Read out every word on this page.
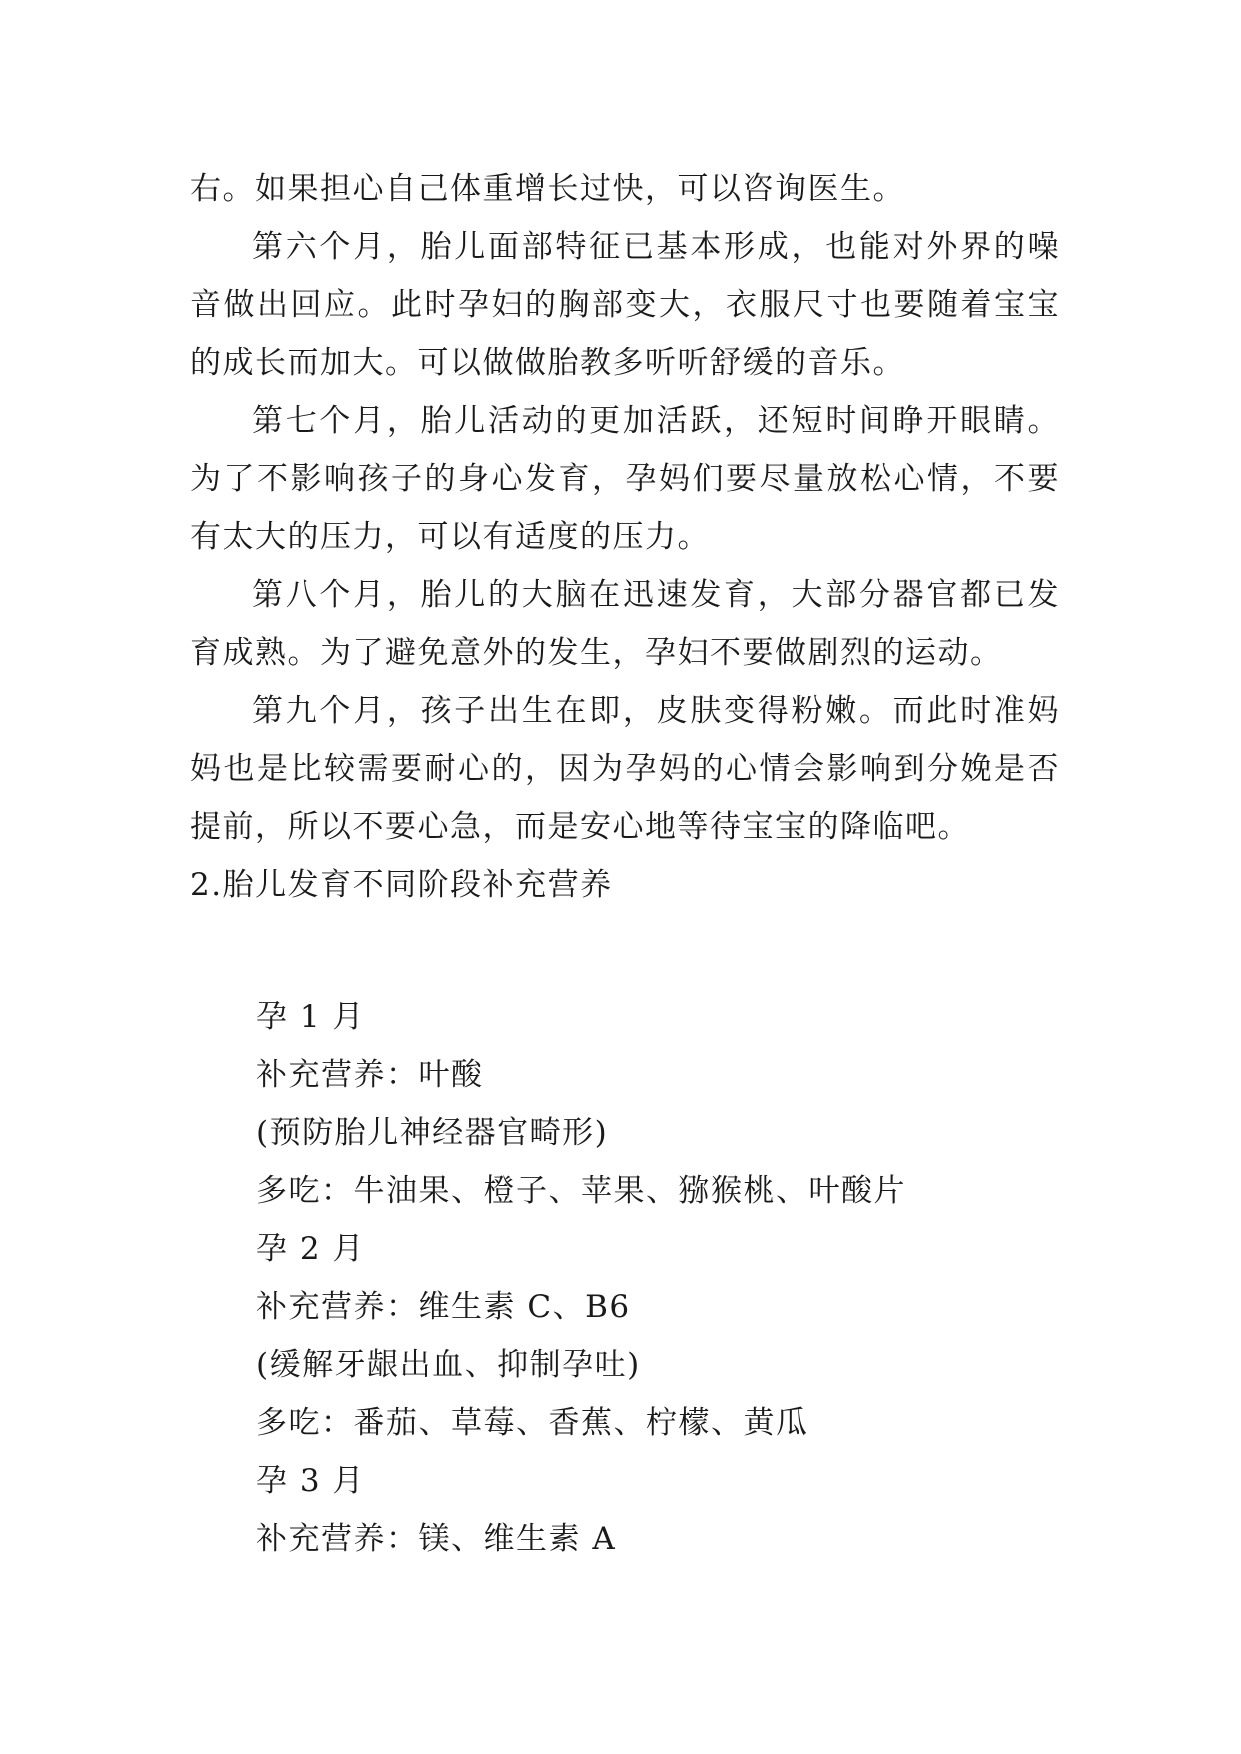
右。如果担心自己体重增长过快，可以咨询医生。

第六个月，胎儿面部特征已基本形成，也能对外界的噪音做出回应。此时孕妇的胸部变大，衣服尺寸也要随着宝宝的成长而加大。可以做做胎教多听听舒缓的音乐。

第七个月，胎儿活动的更加活跃，还短时间睁开眼睛。为了不影响孩子的身心发育，孕妈们要尽量放松心情，不要有太大的压力，可以有适度的压力。

第八个月，胎儿的大脑在迅速发育，大部分器官都已发育成熟。为了避免意外的发生，孕妇不要做剧烈的运动。

第九个月，孩子出生在即，皮肤变得粉嫩。而此时准妈妈也是比较需要耐心的，因为孕妈的心情会影响到分娩是否提前，所以不要心急，而是安心地等待宝宝的降临吧。

2.胎儿发育不同阶段补充营养

孕 1 月

补充营养：叶酸

(预防胎儿神经器官畸形)

多吃：牛油果、橙子、苹果、猕猴桃、叶酸片

孕 2 月

补充营养：维生素 C、B6

(缓解牙龈出血、抑制孕吐)

多吃：番茄、草莓、香蕉、柠檬、黄瓜

孕 3 月

补充营养：镁、维生素 A
